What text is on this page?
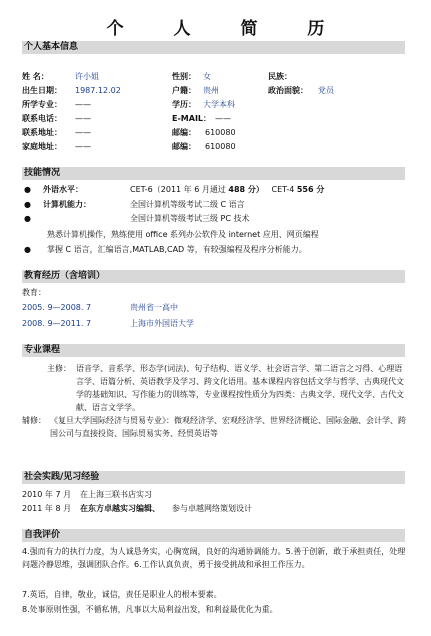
个 人 简 历
个人基本信息
姓 名：	许小姐	性别： 女	民族：
出生日期： 1987.12.02	户籍： 贵州	政治面貌： 党员
所学专业： ——	学历： 大学本科
联系电话： ——	E-MAIL： ——
联系地址： ——	邮编： 610080
家庭地址： ——	邮编： 610080
技能情况
● 外语水平：	CET-6（2011 年 6 月通过 488 分） CET-4 556 分
● 计算机能力：	全国计算机等级考试二级 C 语言
●	全国计算机等级考试三级 PC 技术
熟悉计算机操作，熟练使用 office 系列办公软件及 internet 应用、网页编程
● 掌握 C 语言，汇编语言,MATLAB,CAD 等，有较强编程及程序分析能力。
教育经历（含培训）
教育：
2005. 9—2008. 7	贵州省一高中
2008. 9—2011. 7	上海市外国语大学
专业课程
主修： 语音学、音系学、形态学(词法)、句子结构、语义学、社会语言学、第二语言之习得、心理语言学、语篇分析、英语教学及学习、跨文化语用。基本课程内容包括文学与哲学、古典现代文学的基础知识、写作能力的训练等，专业课程按性质分为四类：古典文学、现代文学、古代文献、语言文学学。
辅修： 《复旦大学国际经济与贸易专业》：微观经济学、宏观经济学、世界经济概论、国际金融、会计学、跨国公司与直接投资、国际贸易实务、经贸英语等
社会实践/见习经验
2010 年 7 月 在上海三联书店实习
2011 年 8 月 在东方卓越实习编辑、 参与卓越网络策划设计
自我评价
4.强而有力的执行力度，为人诚恳务实，心胸宽阔，良好的沟通协调能力。5.善于创新，敢于承担责任，处理问题冷静思维，强调团队合作。6.工作认真负责，勇于接受挑战和承担工作压力。
7.英语，自律，敬业，诚信，责任是职业人的根本要素。
8.处事原则性强，不循私情，凡事以大局利益出发，和利益最优化为重。
